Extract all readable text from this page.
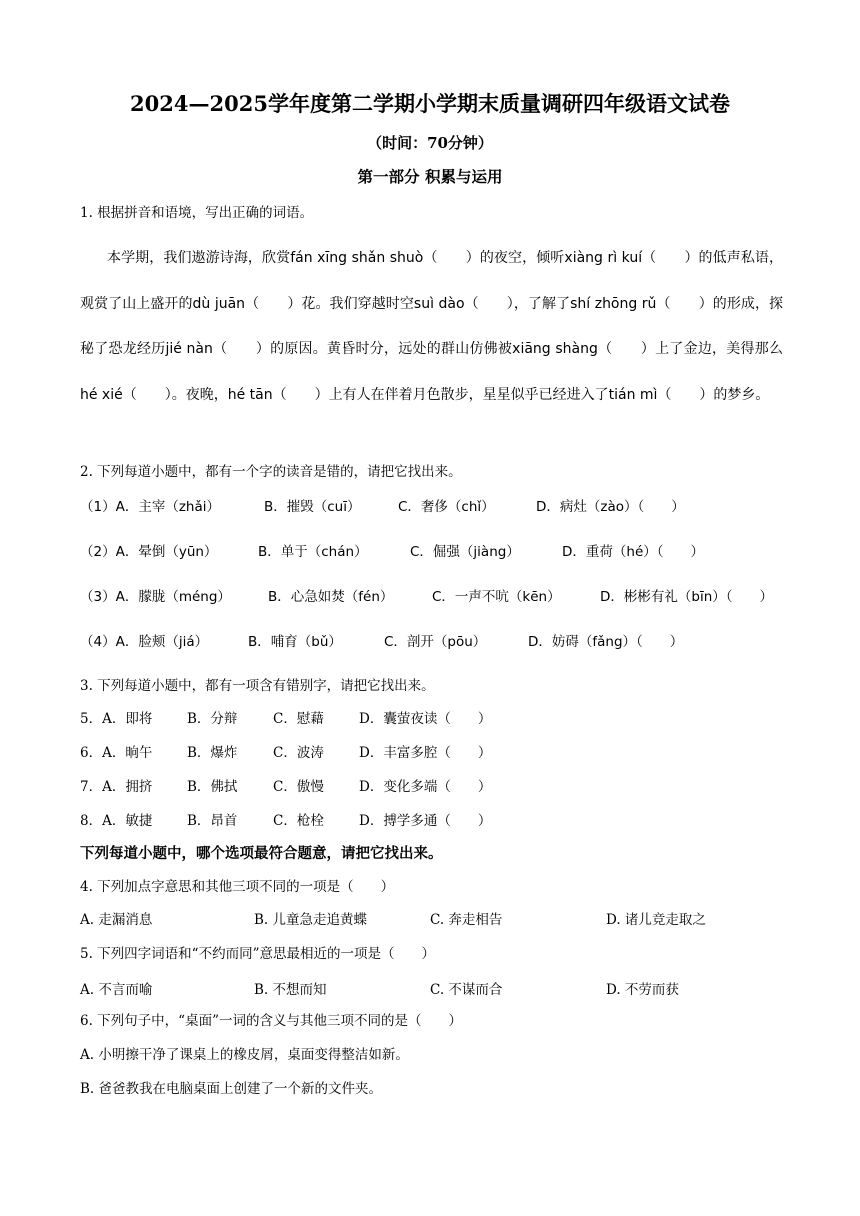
2024—2025学年度第二学期小学期末质量调研四年级语文试卷
（时间：70分钟）
第一部分 积累与运用
1. 根据拼音和语境，写出正确的词语。
本学期，我们遨游诗海，欣赏fán xīng shǎn shuò（　　）的夜空，倾听xiàng rì kuí（　　）的低声私语，观赏了山上盛开的dù juān（　　）花。我们穿越时空suì dào（　　），了解了shí zhōng rǔ（　　）的形成，探秘了恐龙经历jié nàn（　　）的原因。黄昏时分，远处的群山仿佛被xiāng shàng（　　）上了金边，美得那么hé xié（　　）。夜晚，hé tān（　　）上有人在伴着月色散步，星星似乎已经进入了tián mì（　　）的梦乡。
2. 下列每道小题中，都有一个字的读音是错的，请把它找出来。
（1）A．主宰（zhǎi）	B．摧毁（cuī）	C．奢侈（chǐ）	D．病灶（zào）（　　）
（2）A．晕倒（yūn）	B．单于（chán）	C．倔强（jiàng）	D．重荷（hé）（　　）
（3）A．朦胧（méng）	B．心急如焚（fén）	C．一声不吭（kēn）	D．彬彬有礼（bīn）（　　）
（4）A．脸颊（jiá）	B．哺育（bǔ）	C．剖开（pōu）	D．妨碍（fǎng）（　　）
3. 下列每道小题中，都有一项含有错别字，请把它找出来。
5．A．即将	B．分辩	C．慰藉	D．囊萤夜读（　　）
6．A．晌午	B．爆炸	C．波涛	D．丰富多腔（　　）
7．A．拥挤	B．佛拭	C．傲慢	D．变化多端（　　）
8．A．敏捷	B．昂首	C．枪栓	D．搏学多通（　　）
下列每道小题中，哪个选项最符合题意，请把它找出来。
4. 下列加点字意思和其他三项不同的一项是（　　）
A. 走漏消息	B. 儿童急走追黄蝶	C. 奔走相告	D. 诸儿竞走取之
5. 下列四字词语和“不约而同”意思最相近的一项是（　　）
A. 不言而喻	B. 不想而知	C. 不谋而合	D. 不劳而获
6. 下列句子中，“桌面”一词的含义与其他三项不同的是（　　）
A. 小明擦干净了课桌上的橡皮屑，桌面变得整洁如新。
B. 爸爸教我在电脑桌面上创建了一个新的文件夹。
